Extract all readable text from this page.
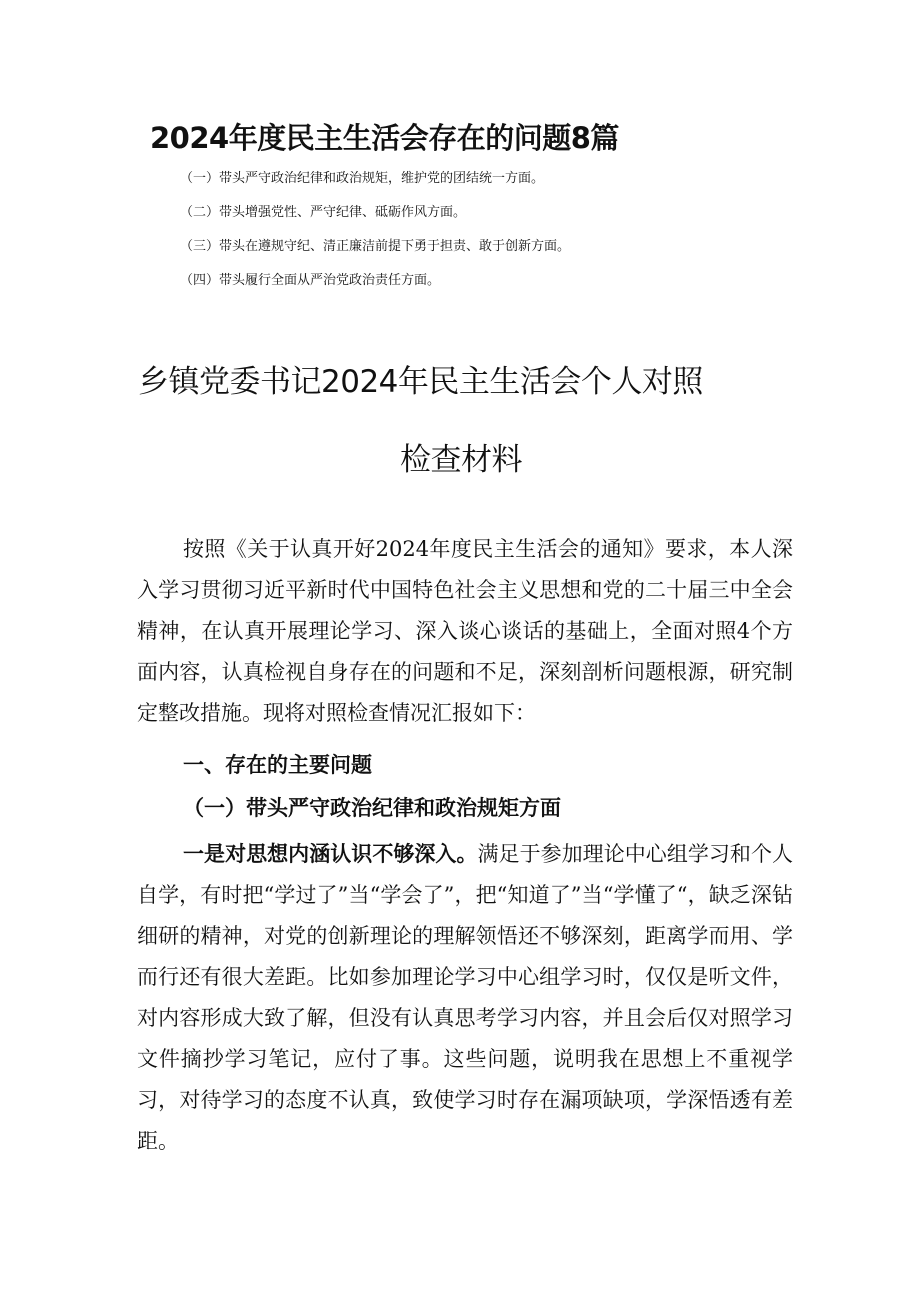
2024年度民主生活会存在的问题8篇
（一）带头严守政治纪律和政治规矩，维护党的团结统一方面。
（二）带头增强党性、严守纪律、砥砺作风方面。
（三）带头在遵规守纪、清正廉洁前提下勇于担责、敢于创新方面。
（四）带头履行全面从严治党政治责任方面。
乡镇党委书记2024年民主生活会个人对照
检查材料

按照《关于认真开好2024年度民主生活会的通知》要求，本人深入学习贯彻习近平新时代中国特色社会主义思想和党的二十届三中全会精神，在认真开展理论学习、深入谈心谈话的基础上，全面对照4个方面内容，认真检视自身存在的问题和不足，深刻剖析问题根源，研究制定整改措施。现将对照检查情况汇报如下：

一、存在的主要问题
（一）带头严守政治纪律和政治规矩方面

一是对思想内涵认识不够深入。满足于参加理论中心组学习和个人自学，有时把“学过了”当“学会了”，把“知道了”当“学懂了“，缺乏深钻细研的精神，对党的创新理论的理解领悟还不够深刻，距离学而用、学而行还有很大差距。比如参加理论学习中心组学习时，仅仅是听文件，对内容形成大致了解，但没有认真思考学习内容，并且会后仅对照学习文件摘抄学习笔记，应付了事。这些问题，说明我在思想上不重视学习，对待学习的态度不认真，致使学习时存在漏项缺项，学深悟透有差距。
